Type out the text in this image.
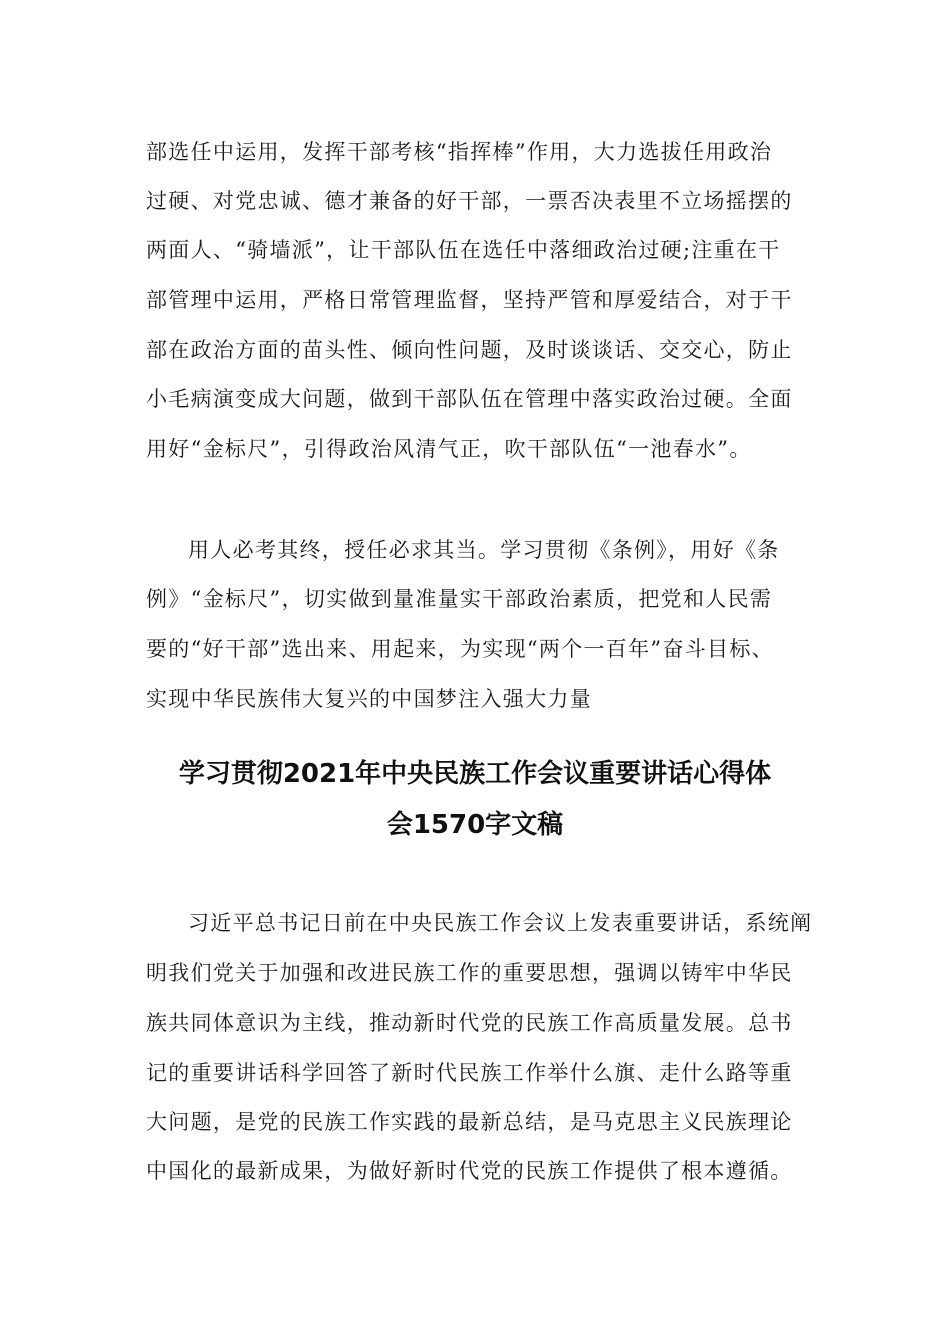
部选任中运用，发挥干部考核“指挥棒”作用，大力选拔任用政治
过硬、对党忠诚、德才兼备的好干部，一票否决表里不立场摇摆的
两面人、“骑墙派”，让干部队伍在选任中落细政治过硬;注重在干
部管理中运用，严格日常管理监督，坚持严管和厚爱结合，对于干
部在政治方面的苗头性、倾向性问题，及时谈谈话、交交心，防止
小毛病演变成大问题，做到干部队伍在管理中落实政治过硬。全面
用好“金标尺”，引得政治风清气正，吹干部队伍“一池春水”。
用人必考其终，授任必求其当。学习贯彻《条例》，用好《条
例》“金标尺”，切实做到量准量实干部政治素质，把党和人民需
要的“好干部”选出来、用起来，为实现“两个一百年”奋斗目标、
实现中华民族伟大复兴的中国梦注入强大力量
学习贯彻2021年中央民族工作会议重要讲话心得体
会1570字文稿
习近平总书记日前在中央民族工作会议上发表重要讲话，系统阐
明我们党关于加强和改进民族工作的重要思想，强调以铸牢中华民
族共同体意识为主线，推动新时代党的民族工作高质量发展。总书
记的重要讲话科学回答了新时代民族工作举什么旗、走什么路等重
大问题，是党的民族工作实践的最新总结，是马克思主义民族理论
中国化的最新成果，为做好新时代党的民族工作提供了根本遵循。
